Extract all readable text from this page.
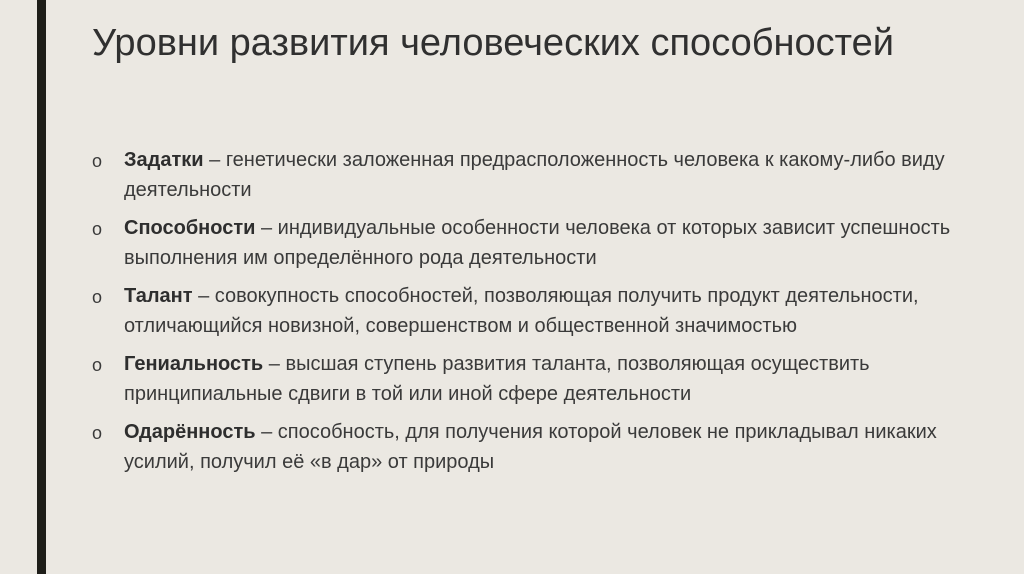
Уровни развития человеческих способностей
o Задатки – генетически заложенная предрасположенность человека к какому-либо виду деятельности
o Способности – индивидуальные особенности человека от которых зависит успешность выполнения им определённого рода деятельности
o Талант – совокупность способностей, позволяющая получить продукт деятельности, отличающийся новизной, совершенством и общественной значимостью
o Гениальность – высшая ступень развития таланта, позволяющая осуществить принципиальные сдвиги в той или иной сфере деятельности
o Одарённость – способность, для получения которой человек не прикладывал никаких усилий, получил её «в дар» от природы
